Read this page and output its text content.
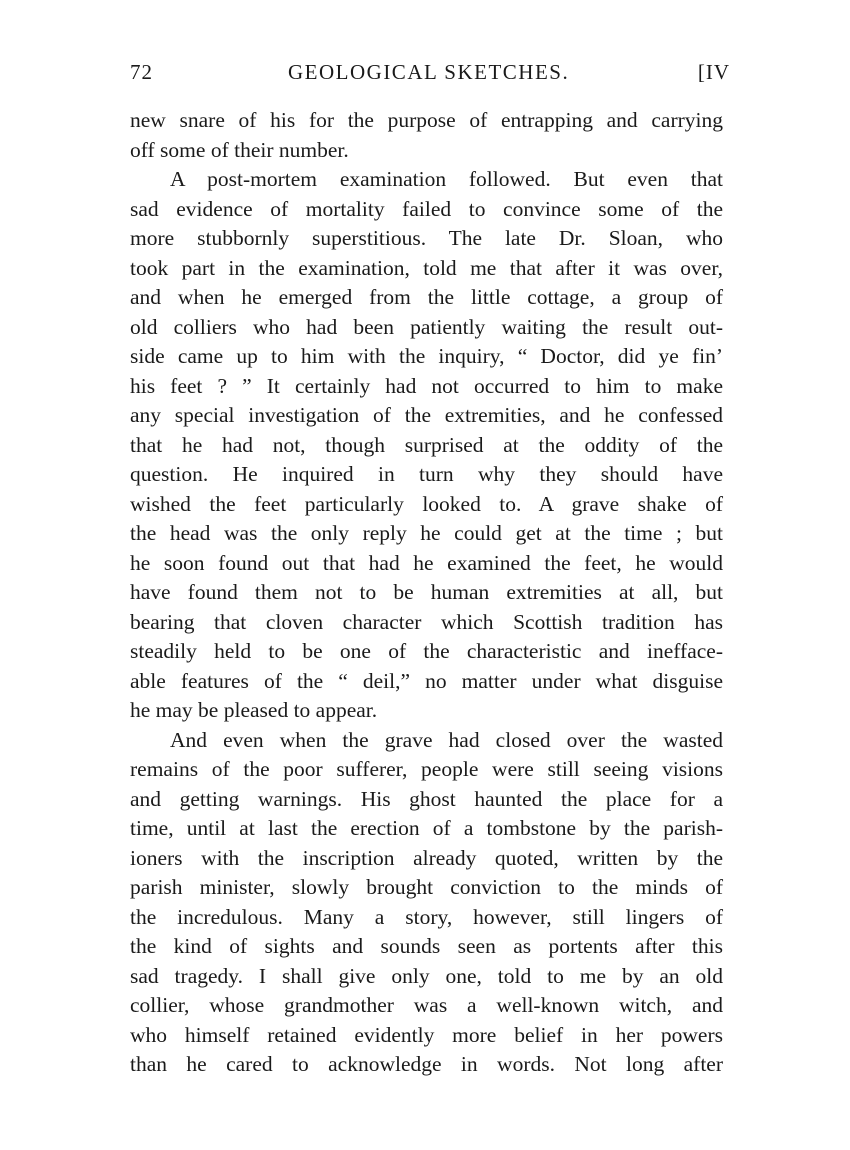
72	GEOLOGICAL SKETCHES.	[IV
new snare of his for the purpose of entrapping and carrying
off some of their number.
A post-mortem examination followed. But even that
sad evidence of mortality failed to convince some of the
more stubbornly superstitious. The late Dr. Sloan, who
took part in the examination, told me that after it was over,
and when he emerged from the little cottage, a group of
old colliers who had been patiently waiting the result out-
side came up to him with the inquiry, “ Doctor, did ye fin’
his feet ? ” It certainly had not occurred to him to make
any special investigation of the extremities, and he confessed
that he had not, though surprised at the oddity of the
question. He inquired in turn why they should have
wished the feet particularly looked to. A grave shake of
the head was the only reply he could get at the time ; but
he soon found out that had he examined the feet, he would
have found them not to be human extremities at all, but
bearing that cloven character which Scottish tradition has
steadily held to be one of the characteristic and ineffacе-
able features of the “ deil,” no matter under what disguise
he may be pleased to appear.
And even when the grave had closed over the wasted
remains of the poor sufferer, people were still seeing visions
and getting warnings. His ghost haunted the place for a
time, until at last the erection of a tombstone by the parish-
ioners with the inscription already quoted, written by the
parish minister, slowly brought conviction to the minds of
the incredulous. Many a story, however, still lingers of
the kind of sights and sounds seen as portents after this
sad tragedy. I shall give only one, told to me by an old
collier, whose grandmother was a well-known witch, and
who himself retained evidently more belief in her powers
than he cared to acknowledge in words. Not long after
